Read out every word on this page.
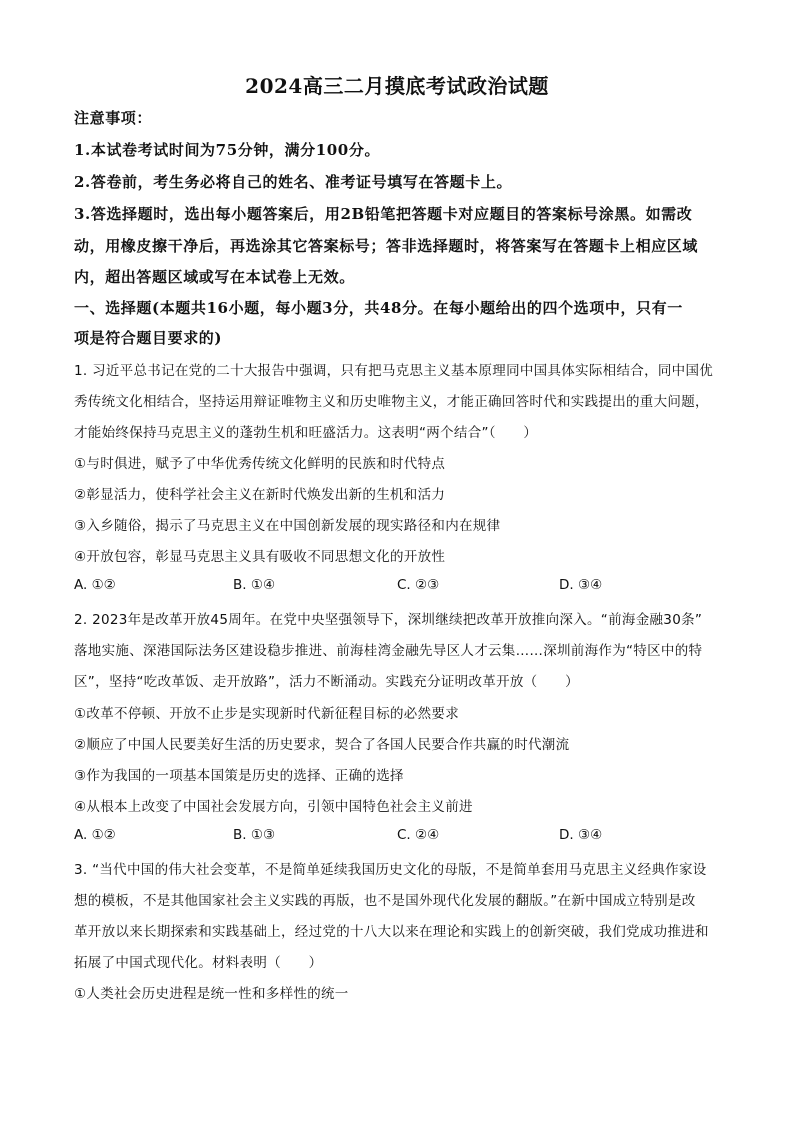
2024高三二月摸底考试政治试题
注意事项：
1.本试卷考试时间为75分钟，满分100分。
2.答卷前，考生务必将自己的姓名、准考证号填写在答题卡上。
3.答选择题时，选出每小题答案后，用2B铅笔把答题卡对应题目的答案标号涂黑。如需改
动，用橡皮擦干净后，再选涂其它答案标号；答非选择题时，将答案写在答题卡上相应区域
内，超出答题区域或写在本试卷上无效。
一、选择题(本题共16小题，每小题3分，共48分。在每小题给出的四个选项中，只有一
项是符合题目要求的)
1. 习近平总书记在党的二十大报告中强调，只有把马克思主义基本原理同中国具体实际相结合，同中国优
秀传统文化相结合，坚持运用辩证唯物主义和历史唯物主义，才能正确回答时代和实践提出的重大问题，
才能始终保持马克思主义的蓬勃生机和旺盛活力。这表明“两个结合”（　　）
①与时俱进，赋予了中华优秀传统文化鲜明的民族和时代特点
②彰显活力，使科学社会主义在新时代焕发出新的生机和活力
③入乡随俗，揭示了马克思主义在中国创新发展的现实路径和内在规律
④开放包容，彰显马克思主义具有吸收不同思想文化的开放性
A. ①②	B. ①④	C. ②③	D. ③④
2. 2023年是改革开放45周年。在党中央坚强领导下，深圳继续把改革开放推向深入。“前海金融30条”
落地实施、深港国际法务区建设稳步推进、前海桂湾金融先导区人才云集……深圳前海作为“特区中的特
区”，坚持“吃改革饭、走开放路”，活力不断涌动。实践充分证明改革开放（　　）
①改革不停顿、开放不止步是实现新时代新征程目标的必然要求
②顺应了中国人民要美好生活的历史要求，契合了各国人民要合作共赢的时代潮流
③作为我国的一项基本国策是历史的选择、正确的选择
④从根本上改变了中国社会发展方向，引领中国特色社会主义前进
A. ①②	B. ①③	C. ②④	D. ③④
3. “当代中国的伟大社会变革，不是简单延续我国历史文化的母版，不是简单套用马克思主义经典作家设
想的模板，不是其他国家社会主义实践的再版，也不是国外现代化发展的翻版。”在新中国成立特别是改
革开放以来长期探索和实践基础上，经过党的十八大以来在理论和实践上的创新突破，我们党成功推进和
拓展了中国式现代化。材料表明（　　）
①人类社会历史进程是统一性和多样性的统一
